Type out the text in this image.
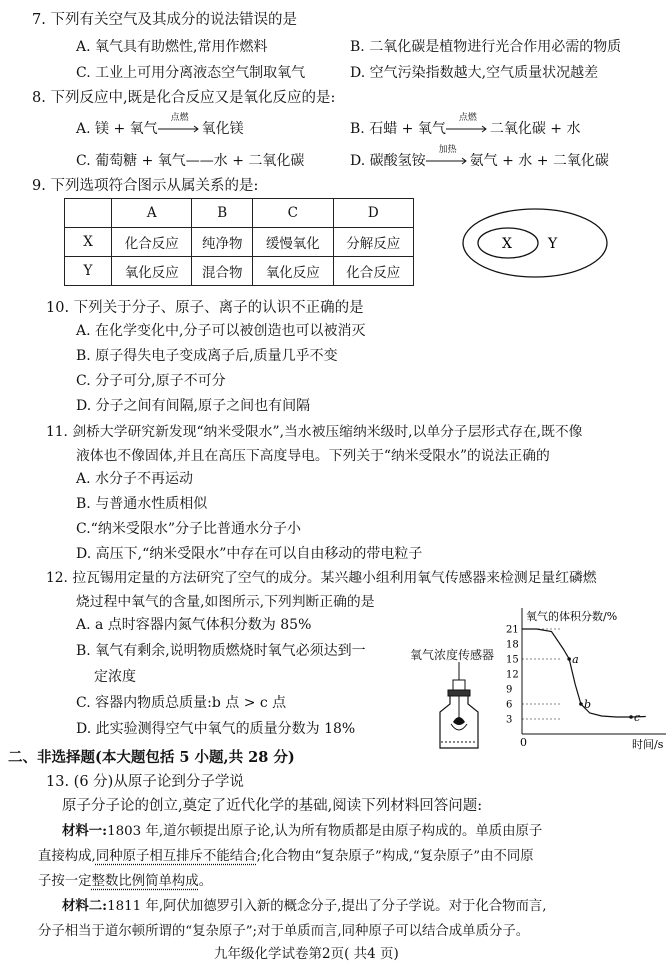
7. 下列有关空气及其成分的说法错误的是
A. 氧气具有助燃性,常用作燃料	B. 二氧化碳是植物进行光合作用必需的物质
C. 工业上可用分离液态空气制取氧气	D. 空气污染指数越大,空气质量状况越差
8. 下列反应中,既是化合反应又是氧化反应的是:
A. 镁 + 氧气
点燃
氧化镁	B. 石蜡 + 氧气
点燃
二氧化碳 + 水
C. 葡萄糖 + 氧气——水 + 二氧化碳	D. 碳酸氢铵
加热
氨气 + 水 + 二氧化碳
9. 下列选项符合图示从属关系的是:
	A	B	C	D
X	化合反应	纯净物	缓慢氧化	分解反应
Y	氧化反应	混合物	氧化反应	化合反应
X	Y
10. 下列关于分子、原子、离子的认识不正确的是
A. 在化学变化中,分子可以被创造也可以被消灭
B. 原子得失电子变成离子后,质量几乎不变
C. 分子可分,原子不可分
D. 分子之间有间隔,原子之间也有间隔
11. 剑桥大学研究新发现“纳米受限水”,当水被压缩纳米级时,以单分子层形式存在,既不像
液体也不像固体,并且在高压下高度导电。下列关于“纳米受限水”的说法正确的
A. 水分子不再运动
B. 与普通水性质相似
C.“纳米受限水”分子比普通水分子小
D. 高压下,“纳米受限水”中存在可以自由移动的带电粒子
12. 拉瓦锡用定量的方法研究了空气的成分。某兴趣小组利用氧气传感器来检测足量红磷燃
烧过程中氧气的含量,如图所示,下列判断正确的是
A. a 点时容器内氮气体积分数为 85%
B. 氧气有剩余,说明物质燃烧时氧气必须达到一
定浓度
C. 容器内物质总质量:b 点 > c 点
D. 此实验测得空气中氧气的质量分数为 18%
氧气浓度传感器
氧气的体积分数/%
时间/s
0
3
6
9
12
15
18
21
a
b
c
二、非选择题(本大题包括 5 小题,共 28 分)
13. (6 分)从原子论到分子学说
原子分子论的创立,奠定了近代化学的基础,阅读下列材料回答问题:
材料一:1803 年,道尔顿提出原子论,认为所有物质都是由原子构成的。单质由原子
直接构成,同种原子相互排斥不能结合;化合物由“复杂原子”构成,“复杂原子”由不同原
子按一定整数比例简单构成。
材料二:1811 年,阿伏加德罗引入新的概念分子,提出了分子学说。对于化合物而言,
分子相当于道尔顿所谓的“复杂原子”;对于单质而言,同种原子可以结合成单质分子。
九年级化学试卷第2页( 共4 页)
